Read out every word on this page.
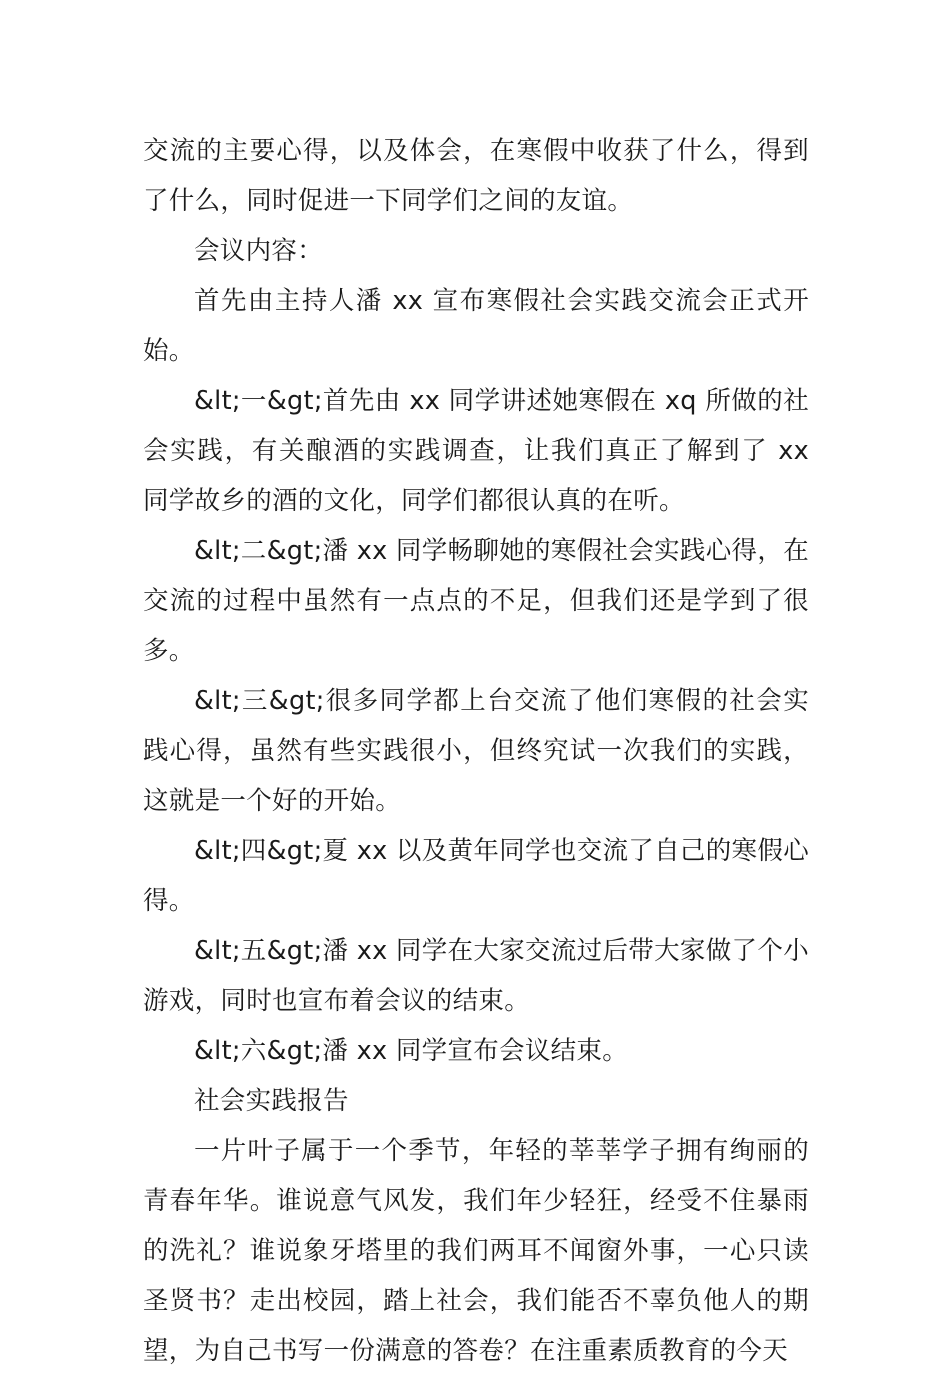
交流的主要心得，以及体会，在寒假中收获了什么，得到了什么，同时促进一下同学们之间的友谊。

会议内容：

首先由主持人潘 xx 宣布寒假社会实践交流会正式开始。

&lt;一&gt;首先由 xx 同学讲述她寒假在 xq 所做的社会实践，有关酿酒的实践调查，让我们真正了解到了 xx 同学故乡的酒的文化，同学们都很认真的在听。

&lt;二&gt;潘 xx 同学畅聊她的寒假社会实践心得，在交流的过程中虽然有一点点的不足，但我们还是学到了很多。

&lt;三&gt;很多同学都上台交流了他们寒假的社会实践心得，虽然有些实践很小，但终究试一次我们的实践，这就是一个好的开始。

&lt;四&gt;夏 xx 以及黄年同学也交流了自己的寒假心得。

&lt;五&gt;潘 xx 同学在大家交流过后带大家做了个小游戏，同时也宣布着会议的结束。

&lt;六&gt;潘 xx 同学宣布会议结束。

社会实践报告

一片叶子属于一个季节，年轻的莘莘学子拥有绚丽的青春年华。谁说意气风发，我们年少轻狂，经受不住暴雨的洗礼？谁说象牙塔里的我们两耳不闻窗外事，一心只读圣贤书？走出校园，踏上社会，我们能否不辜负他人的期望，为自己书写一份满意的答卷？在注重素质教育的今天
